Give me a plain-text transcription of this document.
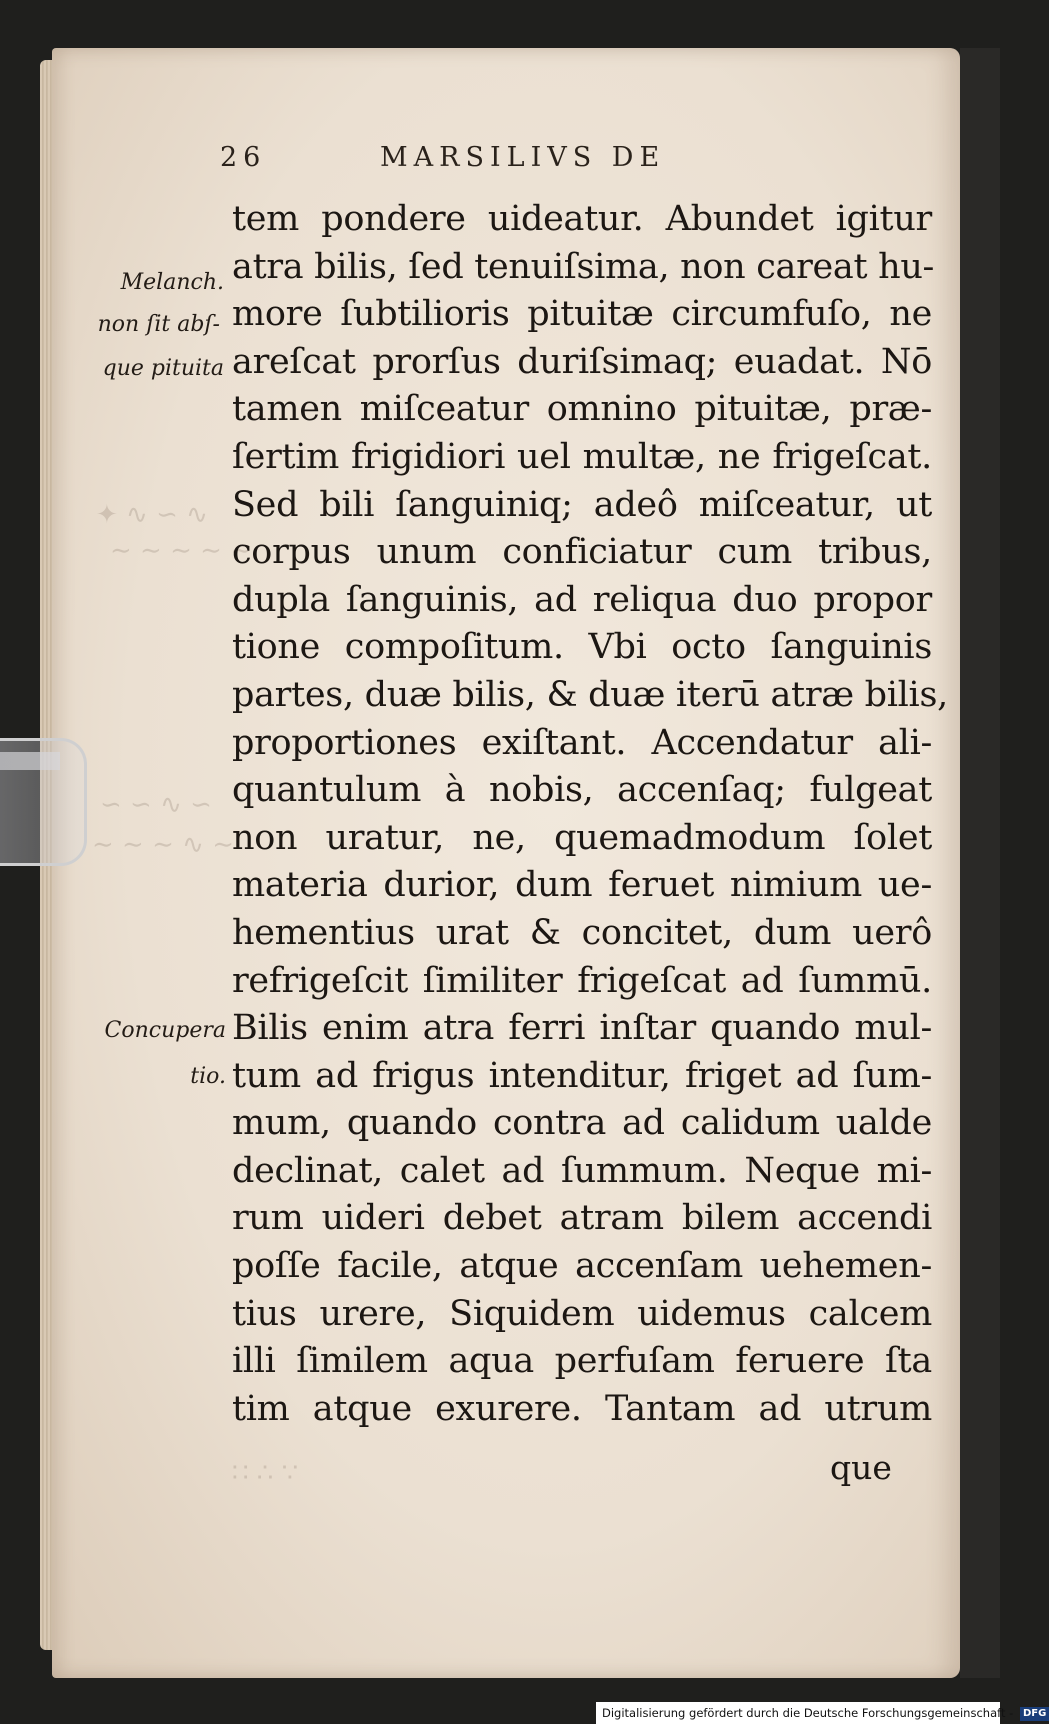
✦ ∿ ∽ ∿
∼ ∼ ∼ ∼ ∼
∽ ∽ ∿ ∽
∼ ∼ ∼ ∿ ∼
∷ ∴ ∵
26	MARSILIVS DE
Melanch.
non ſit abſ-
que pituita
Concupera
tio.
tem pondere uideatur. Abundet igitur
atra bilis, ſed tenuiſsima, non careat hu-
more ſubtilioris pituitæ circumfuſo, ne
areſcat prorſus duriſsimaq; euadat. Nō
tamen miſceatur omnino pituitæ, præ-
ſertim frigidiori uel multæ, ne frigeſcat.
Sed bili ſanguiniq; adeô miſceatur, ut
corpus unum conficiatur cum tribus,
dupla ſanguinis, ad reliqua duo propor
tione compoſitum. Vbi octo ſanguinis
partes, duæ bilis, & duæ iterū atræ bilis,
proportiones exiſtant. Accendatur ali-
quantulum à nobis, accenſaq; fulgeat
non uratur, ne, quemadmodum ſolet
materia durior, dum feruet nimium ue-
hementius urat & concitet, dum uerô
refrigeſcit ſimiliter frigeſcat ad ſummū.
Bilis enim atra ferri inſtar quando mul-
tum ad frigus intenditur, friget ad ſum-
mum, quando contra ad calidum ualde
declinat, calet ad ſummum. Neque mi-
rum uideri debet atram bilem accendi
poſſe facile, atque accenſam uehemen-
tius urere, Siquidem uidemus calcem
illi ſimilem aqua perfuſam feruere ſta
tim atque exurere. Tantam ad utrum
que
Digitalisierung gefördert durch die Deutsche Forschungsgemeinschaft - DFG
